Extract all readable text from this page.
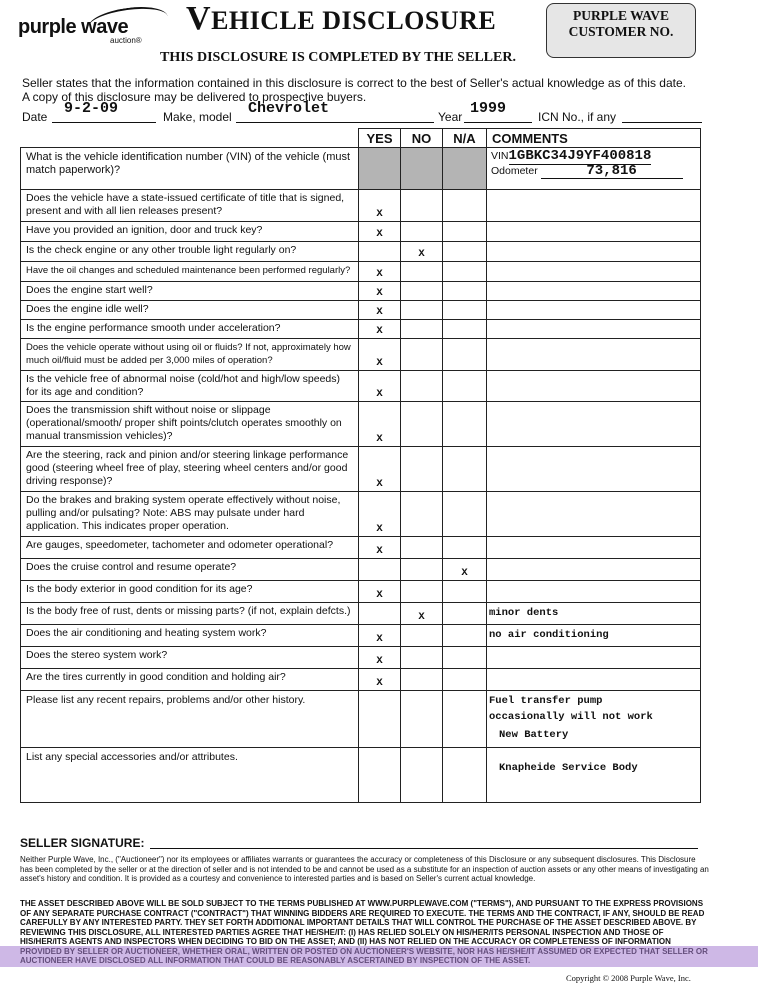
purple wave
auction®
VEHICLE DISCLOSURE
THIS DISCLOSURE IS COMPLETED BY THE SELLER.
PURPLE WAVE
CUSTOMER NO.
Seller states that the information contained in this disclosure is correct to the best of Seller's actual knowledge as of this date.
A copy of this disclosure may be delivered to prospective buyers.
Date 9-2-09	Make, model Chevrolet	Year 1999	ICN No., if any
	YES	NO	N/A	COMMENTS
What is the vehicle identification number (VIN) of the vehicle (must match paperwork)?				VIN1GBKC34J9YF400818
Odometer 73,816

Does the vehicle have a state-issued certificate of title that is signed, present and with all lien releases present?	X			
Have you provided an ignition, door and truck key?	X			
Is the check engine or any other trouble light regularly on?		X		
Have the oil changes and scheduled maintenance been performed regularly?	X			
Does the engine start well?	X			
Does the engine idle well?	X			
Is the engine performance smooth under acceleration?	X			
Does the vehicle operate without using oil or fluids? If not, approximately how much oil/fluid must be added per 3,000 miles of operation?	X			
Is the vehicle free of abnormal noise (cold/hot and high/low speeds) for its age and condition?	X			
Does the transmission shift without noise or slippage (operational/smooth/ proper shift points/clutch operates smoothly on manual transmission vehicles)?	X			
Are the steering, rack and pinion and/or steering linkage performance good (steering wheel free of play, steering wheel centers and/or good driving response)?	X			
Do the brakes and braking system operate effectively without noise, pulling and/or pulsating? Note: ABS may pulsate under hard application. This indicates proper operation.	X			
Are gauges, speedometer, tachometer and odometer operational?	X			
Does the cruise control and resume operate?			X	
Is the body exterior in good condition for its age?	X			
Is the body free of rust, dents or missing parts? (if not, explain defcts.)		X		minor dents
Does the air conditioning and heating system work?	X			no air conditioning
Does the stereo system work?	X			
Are the tires currently in good condition and holding air?	X			
Please list any recent repairs, problems and/or other history.				Fuel transfer pump
occasionally will not work
New Battery

List any special accessories and/or attributes.				Knapheide Service Body
SELLER SIGNATURE:
Neither Purple Wave, Inc., ("Auctioneer") nor its employees or affiliates warrants or guarantees the accuracy or completeness of this Disclosure or any subsequent disclosures. This Disclosure has been completed by the seller or at the direction of seller and is not intended to be and cannot be used as a substitute for an inspection of auction assets or any other means of investigating an asset's history and condition. It is provided as a courtesy and convenience to interested parties and is based on Seller's current actual knowledge.
THE ASSET DESCRIBED ABOVE WILL BE SOLD SUBJECT TO THE TERMS PUBLISHED AT WWW.PURPLEWAVE.COM ("TERMS"), AND PURSUANT TO THE EXPRESS PROVISIONS OF ANY SEPARATE PURCHASE CONTRACT ("CONTRACT") THAT WINNING BIDDERS ARE REQUIRED TO EXECUTE. THE TERMS AND THE CONTRACT, IF ANY, SHOULD BE READ CAREFULLY BY ANY INTERESTED PARTY. THEY SET FORTH ADDITIONAL IMPORTANT DETAILS THAT WILL CONTROL THE PURCHASE OF THE ASSET DESCRIBED ABOVE. BY REVIEWING THIS DISCLOSURE, ALL INTERESTED PARTIES AGREE THAT HE/SHE/IT: (I) HAS RELIED SOLELY ON HIS/HER/ITS PERSONAL INSPECTION AND THOSE OF HIS/HER/ITS AGENTS AND INSPECTORS WHEN DECIDING TO BID ON THE ASSET; AND (II) HAS NOT RELIED ON THE ACCURACY OR COMPLETENESS OF INFORMATION
Copyright © 2008 Purple Wave, Inc.
